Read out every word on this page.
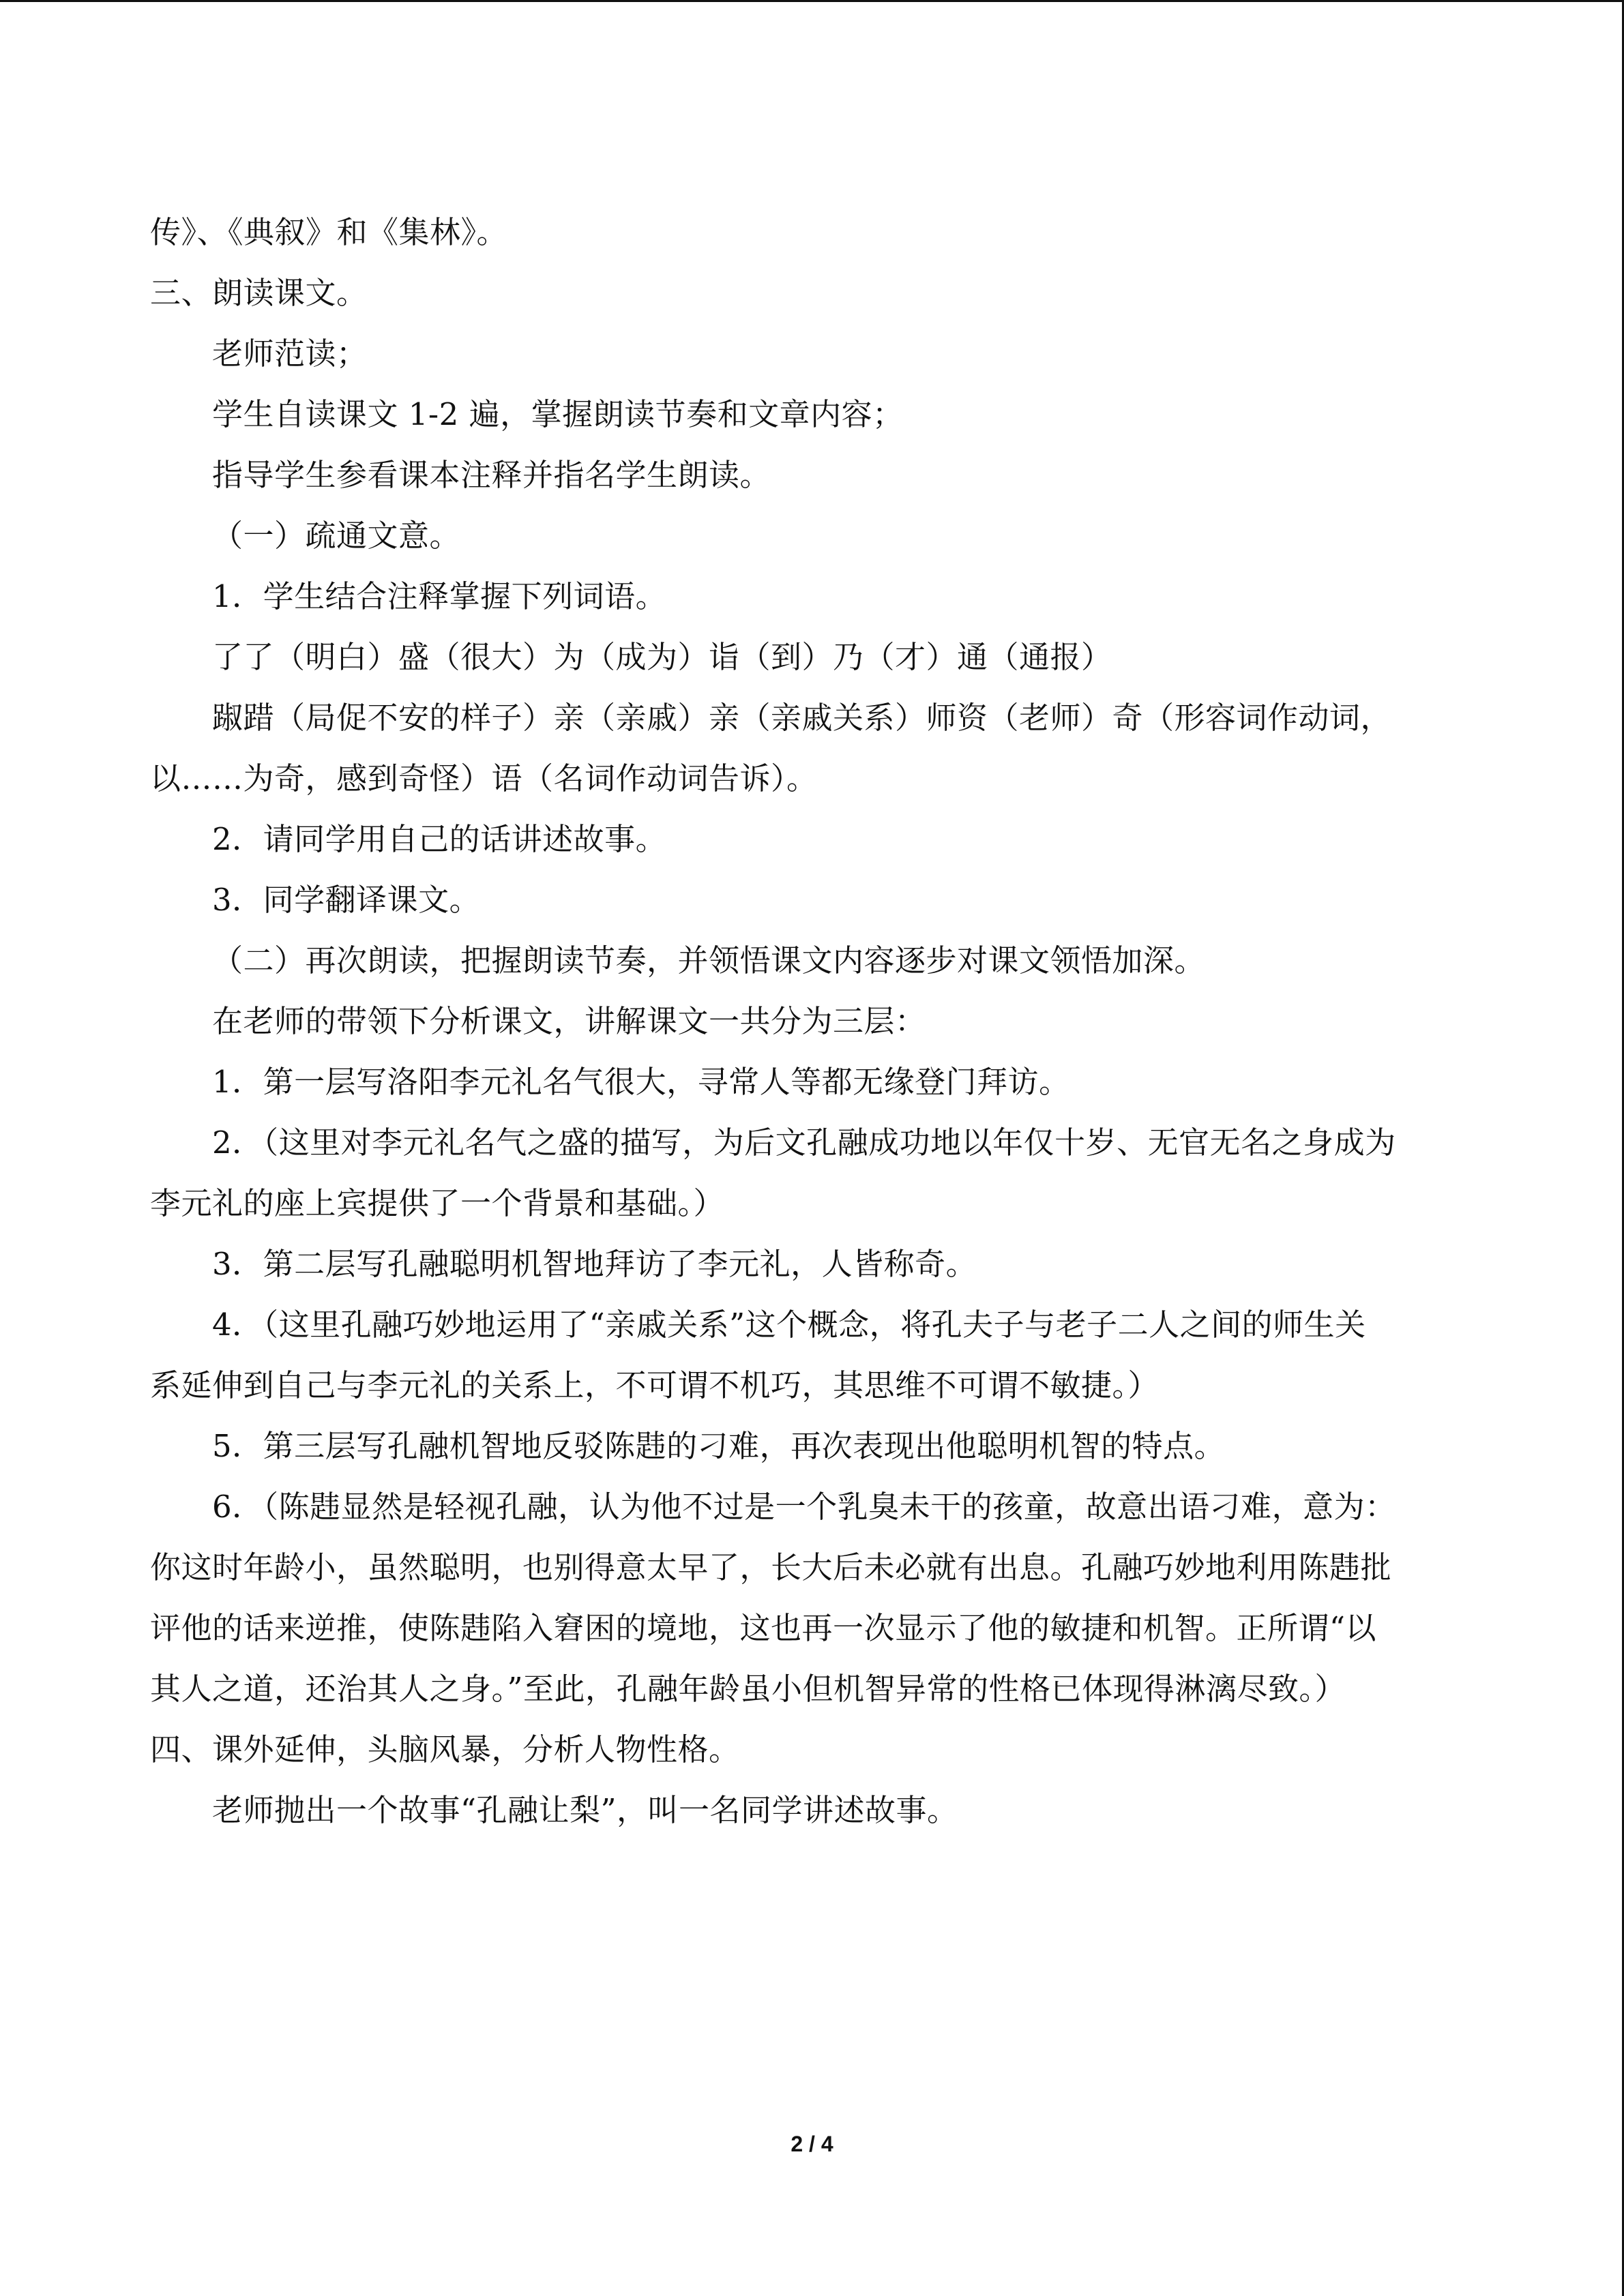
传》、《典叙》和《集林》。
三、朗读课文。
老师范读；
学生自读课文 1-2 遍，掌握朗读节奏和文章内容；
指导学生参看课本注释并指名学生朗读。
（一）疏通文意。
1．学生结合注释掌握下列词语。
了了（明白）盛（很大）为（成为）诣（到）乃（才）通（通报）
踧踖（局促不安的样子）亲（亲戚）亲（亲戚关系）师资（老师）奇（形容词作动词，
以……为奇，感到奇怪）语（名词作动词告诉）。
2．请同学用自己的话讲述故事。
3．同学翻译课文。
（二）再次朗读，把握朗读节奏，并领悟课文内容逐步对课文领悟加深。
在老师的带领下分析课文，讲解课文一共分为三层：
1．第一层写洛阳李元礼名气很大，寻常人等都无缘登门拜访。
2．（这里对李元礼名气之盛的描写，为后文孔融成功地以年仅十岁、无官无名之身成为
李元礼的座上宾提供了一个背景和基础。）
3．第二层写孔融聪明机智地拜访了李元礼，人皆称奇。
4．（这里孔融巧妙地运用了“亲戚关系”这个概念，将孔夫子与老子二人之间的师生关
系延伸到自己与李元礼的关系上，不可谓不机巧，其思维不可谓不敏捷。）
5．第三层写孔融机智地反驳陈韪的刁难，再次表现出他聪明机智的特点。
6．（陈韪显然是轻视孔融，认为他不过是一个乳臭未干的孩童，故意出语刁难，意为：
你这时年龄小，虽然聪明，也别得意太早了，长大后未必就有出息。孔融巧妙地利用陈韪批
评他的话来逆推，使陈韪陷入窘困的境地，这也再一次显示了他的敏捷和机智。正所谓“以
其人之道，还治其人之身。”至此，孔融年龄虽小但机智异常的性格已体现得淋漓尽致。）
四、课外延伸，头脑风暴，分析人物性格。
老师抛出一个故事“孔融让梨”，叫一名同学讲述故事。
2 / 4
